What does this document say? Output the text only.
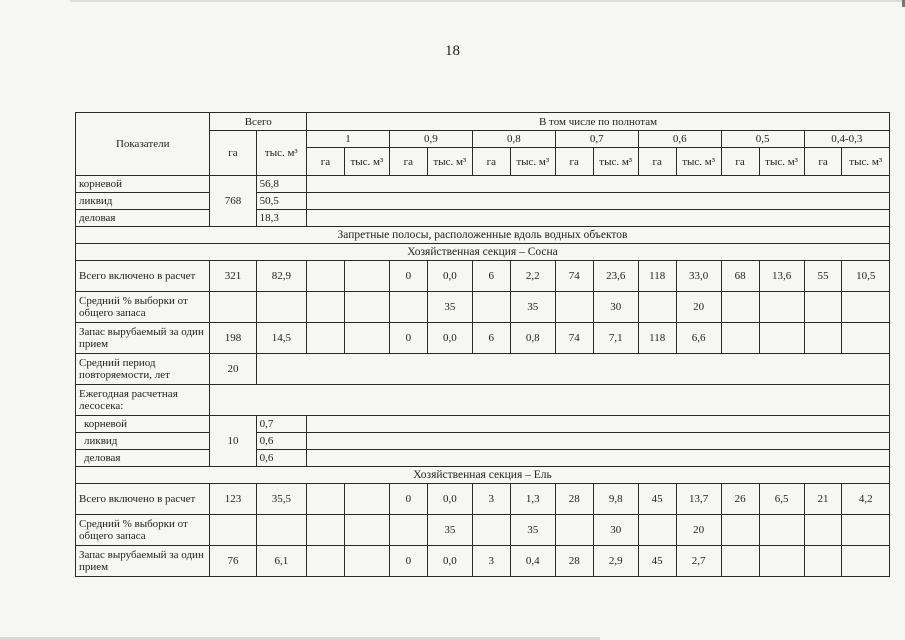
18
Показатели	Всего		В том числе по полнотам													
	га	тыс. м³	1		0,9		0,8		0,7		0,6		0,5		0,4-0,3	
			га	тыс. м³	га	тыс. м³	га	тыс. м³	га	тыс. м³	га	тыс. м³	га	тыс. м³	га	тыс. м³
корневой	768	56,8														
ликвид		50,5														
деловая		18,3														
Запретные полосы, расположенные вдоль водных объектов																
Хозяйственная секция – Сосна																
Всего включено в расчет	321	82,9			0	0,0	6	2,2	74	23,6	118	33,0	68	13,6	55	10,5
Средний % выборки от общего запаса						35		35		30		20				
Запас вырубаемый за один прием	198	14,5			0	0,0	6	0,8	74	7,1	118	6,6				
Средний период повторяемости, лет	20															
Ежегодная расчетная лесосека:																
корневой	10	0,7														
ликвид		0,6														
деловая		0,6														
Хозяйственная секция – Ель																
Всего включено в расчет	123	35,5			0	0,0	3	1,3	28	9,8	45	13,7	26	6,5	21	4,2
Средний % выборки от общего запаса						35		35		30		20				
Запас вырубаемый за один прием	76	6,1			0	0,0	3	0,4	28	2,9	45	2,7				
